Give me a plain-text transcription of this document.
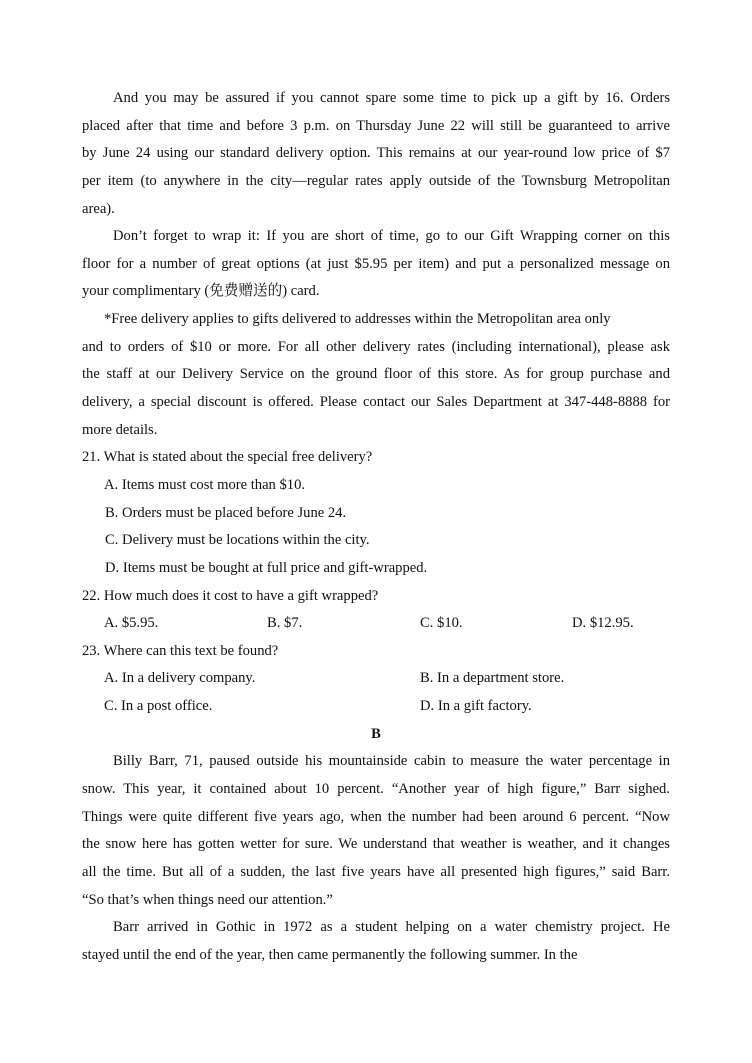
And you may be assured if you cannot spare some time to pick up a gift by 16. Orders
placed after that time and before 3 p.m. on Thursday June 22 will still be guaranteed to arrive
by June 24 using our standard delivery option. This remains at our year-round low price of $7
per item (to anywhere in the city—regular rates apply outside of the Townsburg Metropolitan
area).
Don’t forget to wrap it: If you are short of time, go to our Gift Wrapping corner on this
floor for a number of great options (at just $5.95 per item) and put a personalized message on
your complimentary (免费赠送的) card.
*Free delivery applies to gifts delivered to addresses within the Metropolitan area only
and to orders of $10 or more. For all other delivery rates (including international), please ask
the staff at our Delivery Service on the ground floor of this store. As for group purchase and
delivery, a special discount is offered. Please contact our Sales Department at 347-448-8888 for
more details.
21. What is stated about the special free delivery?
A. Items must cost more than $10.
B. Orders must be placed before June 24.
C. Delivery must be locations within the city.
D. Items must be bought at full price and gift-wrapped.
22. How much does it cost to have a gift wrapped?
A. $5.95.	B. $7.	C. $10.	D. $12.95.
23. Where can this text be found?
A. In a delivery company.	B. In a department store.
C. In a post office.	D. In a gift factory.
B
Billy Barr, 71, paused outside his mountainside cabin to measure the water percentage in
snow. This year, it contained about 10 percent. “Another year of high figure,” Barr sighed.
Things were quite different five years ago, when the number had been around 6 percent. “Now
the snow here has gotten wetter for sure. We understand that weather is weather, and it changes
all the time. But all of a sudden, the last five years have all presented high figures,” said Barr.
“So that’s when things need our attention.”
Barr arrived in Gothic in 1972 as a student helping on a water chemistry project. He
stayed until the end of the year, then came permanently the following summer. In the
